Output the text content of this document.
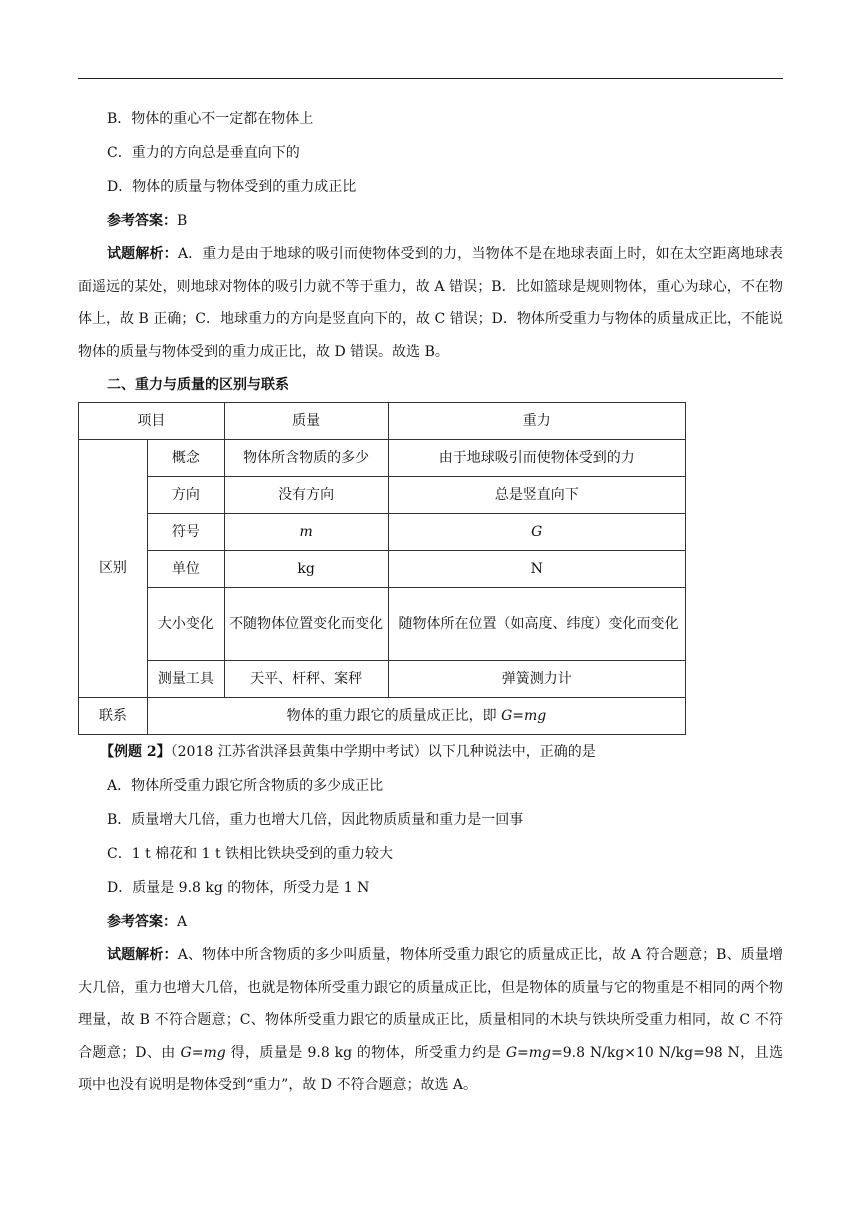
B．物体的重心不一定都在物体上
C．重力的方向总是垂直向下的
D．物体的质量与物体受到的重力成正比
参考答案：B
试题解析：A．重力是由于地球的吸引而使物体受到的力，当物体不是在地球表面上时，如在太空距离地球表面遥远的某处，则地球对物体的吸引力就不等于重力，故 A 错误；B．比如篮球是规则物体，重心为球心，不在物体上，故 B 正确；C．地球重力的方向是竖直向下的，故 C 错误；D．物体所受重力与物体的质量成正比，不能说物体的质量与物体受到的重力成正比，故 D 错误。故选 B。
二、重力与质量的区别与联系
项目		质量	重力
区别	概念	物体所含物质的多少	由于地球吸引而使物体受到的力
	方向	没有方向	总是竖直向下
	符号	m	G
	单位	kg	N
	大小变化	不随物体位置变化而变化	随物体所在位置（如高度、纬度）变化而变化
	测量工具	天平、杆秤、案秤	弹簧测力计
联系	物体的重力跟它的质量成正比，即 G=mg		
【例题 2】（2018 江苏省洪泽县黄集中学期中考试）以下几种说法中，正确的是
A．物体所受重力跟它所含物质的多少成正比
B．质量增大几倍，重力也增大几倍，因此物质质量和重力是一回事
C．1 t 棉花和 1 t 铁相比铁块受到的重力较大
D．质量是 9.8 kg 的物体，所受力是 1 N
参考答案：A
试题解析：A、物体中所含物质的多少叫质量，物体所受重力跟它的质量成正比，故 A 符合题意；B、质量增大几倍，重力也增大几倍，也就是物体所受重力跟它的质量成正比，但是物体的质量与它的物重是不相同的两个物理量，故 B 不符合题意；C、物体所受重力跟它的质量成正比，质量相同的木块与铁块所受重力相同，故 C 不符合题意；D、由 G=mg 得，质量是 9.8 kg 的物体，所受重力约是 G=mg=9.8 N/kg×10 N/kg=98 N，且选项中也没有说明是物体受到“重力”，故 D 不符合题意；故选 A。
